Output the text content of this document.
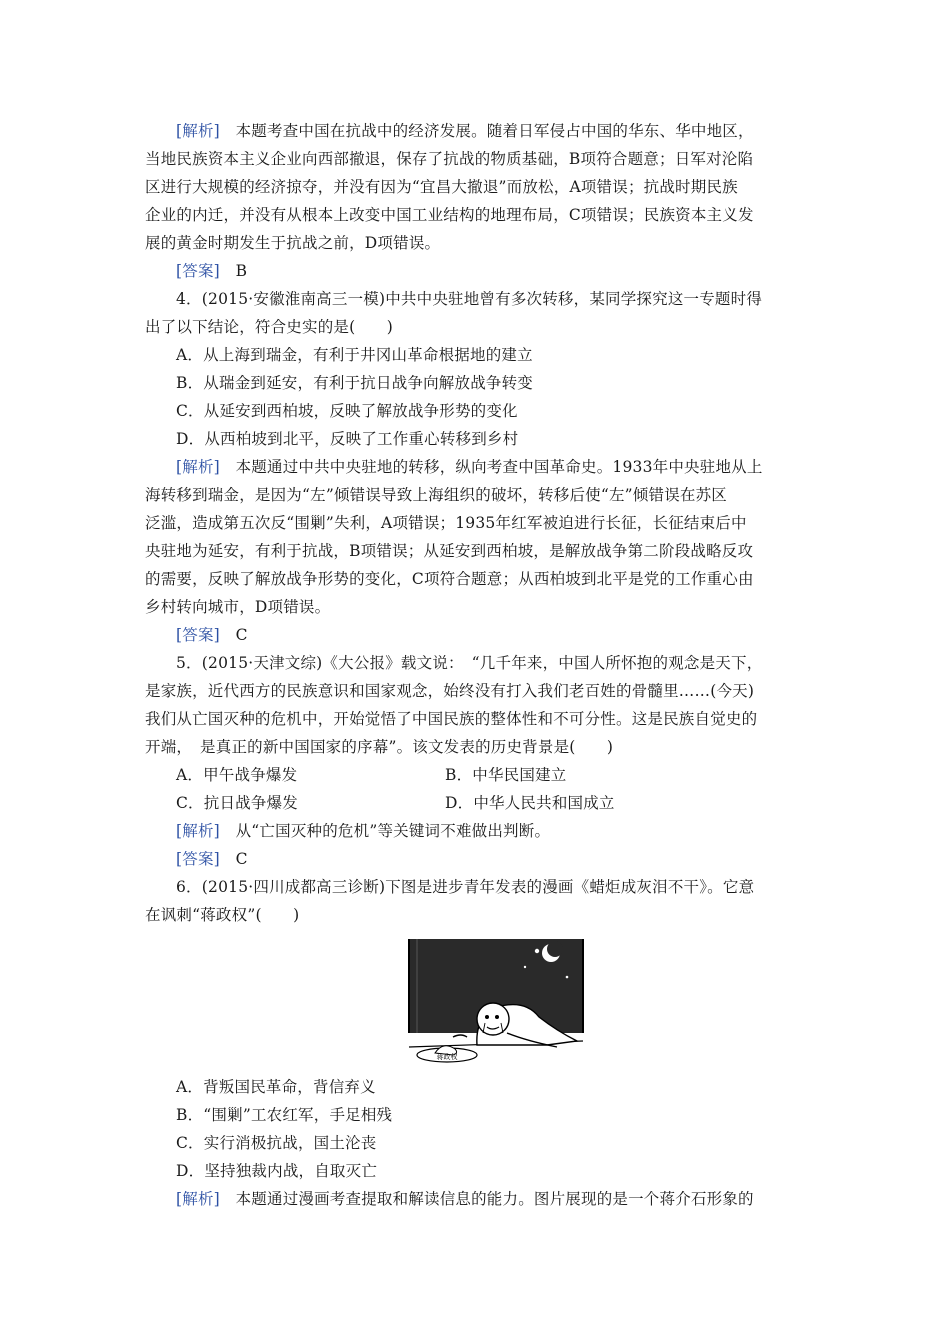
[解析]　 本题考查中国在抗战中的经济发展。随着日军侵占中国的华东、华中地区，
当地民族资本主义企业向西部撤退，保存了抗战的物质基础，B项符合题意；日军对沦陷
区进行大规模的经济掠夺，并没有因为“宜昌大撤退”而放松，A项错误；抗战时期民族
企业的内迁，并没有从根本上改变中国工业结构的地理布局，C项错误；民族资本主义发
展的黄金时期发生于抗战之前，D项错误。
[答案]　 B
4．(2015·安徽淮南高三一模)中共中央驻地曾有多次转移，某同学探究这一专题时得
出了以下结论，符合史实的是(　　)
A．从上海到瑞金，有利于井冈山革命根据地的建立
B．从瑞金到延安，有利于抗日战争向解放战争转变
C．从延安到西柏坡，反映了解放战争形势的变化
D．从西柏坡到北平，反映了工作重心转移到乡村
[解析]　 本题通过中共中央驻地的转移，纵向考查中国革命史。1933年中央驻地从上
海转移到瑞金，是因为“左”倾错误导致上海组织的破坏，转移后使“左”倾错误在苏区
泛滥，造成第五次反“围剿”失利，A项错误；1935年红军被迫进行长征，长征结束后中
央驻地为延安，有利于抗战，B项错误；从延安到西柏坡，是解放战争第二阶段战略反攻
的需要，反映了解放战争形势的变化，C项符合题意；从西柏坡到北平是党的工作重心由
乡村转向城市，D项错误。
[答案]　 C
5．(2015·天津文综)《大公报》载文说：　“几千年来，中国人所怀抱的观念是天下，
是家族，近代西方的民族意识和国家观念，始终没有打入我们老百姓的骨髓里……(今天)
我们从亡国灭种的危机中，开始觉悟了中国民族的整体性和不可分性。这是民族自觉史的
开端，　是真正的新中国国家的序幕”。该文发表的历史背景是(　　)
A．甲午战争爆发	B．中华民国建立
C．抗日战争爆发	D．中华人民共和国成立
[解析]　 从“亡国灭种的危机”等关键词不难做出判断。
[答案]　 C
6．(2015·四川成都高三诊断)下图是进步青年发表的漫画《蜡炬成灰泪不干》。它意
在讽刺“蒋政权”(　　)
蒋政权
A．背叛国民革命，背信弃义
B．“围剿”工农红军，手足相残
C．实行消极抗战，国土沦丧
D．坚持独裁内战，自取灭亡
[解析]　 本题通过漫画考查提取和解读信息的能力。图片展现的是一个蒋介石形象的
